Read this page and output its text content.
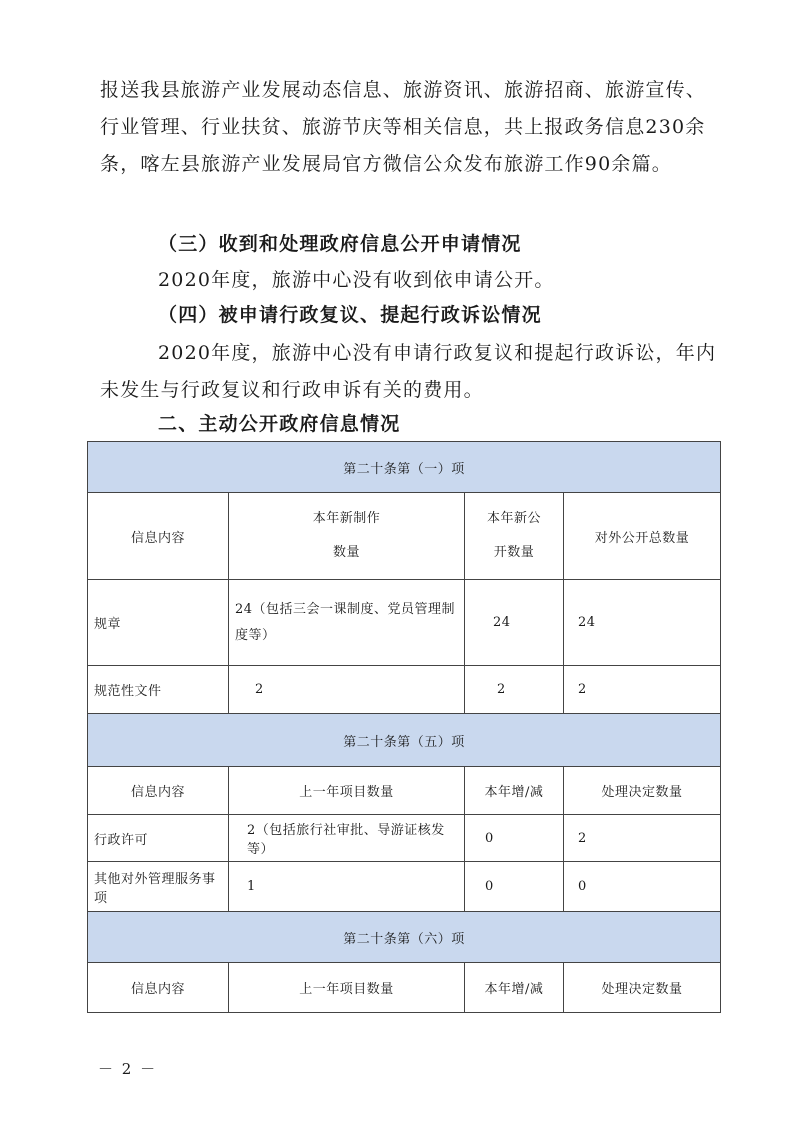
报送我县旅游产业发展动态信息、旅游资讯、旅游招商、旅游宣传、行业管理、行业扶贫、旅游节庆等相关信息，共上报政务信息230余条，喀左县旅游产业发展局官方微信公众发布旅游工作90余篇。

（三）收到和处理政府信息公开申请情况

2020年度，旅游中心没有收到依申请公开。

（四）被申请行政复议、提起行政诉讼情况

2020年度，旅游中心没有申请行政复议和提起行政诉讼，年内未发生与行政复议和行政申诉有关的费用。

二、主动公开政府信息情况

第二十条第（一）项			
信息内容	本年新制作数量	本年新公开数量	对外公开总数量
规章	24（包括三会一课制度、党员管理制度等）	24	24
规范性文件	2	2	2
第二十条第（五）项			
信息内容	上一年项目数量	本年增/减	处理决定数量
行政许可	2（包括旅行社审批、导游证核发等）	0	2
其他对外管理服务事项	1	0	0
第二十条第（六）项			
信息内容	上一年项目数量	本年增/减	处理决定数量
－ 2 －
